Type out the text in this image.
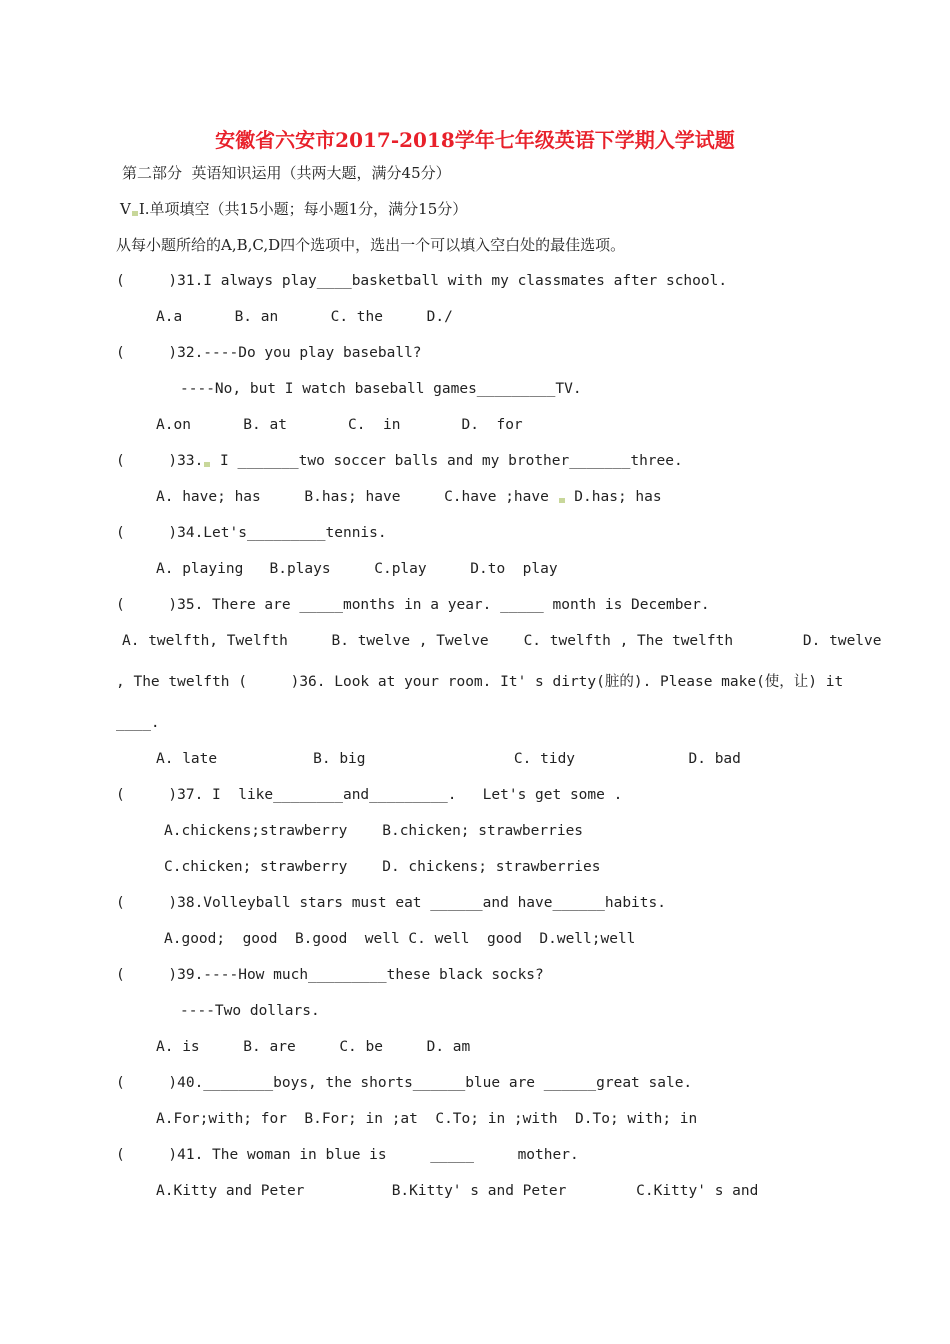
安徽省六安市2017-2018学年七年级英语下学期入学试题
第二部分  英语知识运用（共两大题，满分45分）
V I.单项填空（共15小题；每小题1分，满分15分）
从每小题所给的A,B,C,D四个选项中，选出一个可以填入空白处的最佳选项。
(     )31.I always play____basketball with my classmates after school.
A.a      B. an      C. the     D./
(     )32.----Do you play baseball?
----No, but I watch baseball games_________TV.
A.on      B. at       C.  in       D.  for
(     )33. I _______two soccer balls and my brother_______three.
A. have; has     B.has; have     C.have ;have  D.has; has
(     )34.Let's_________tennis.
A. playing   B.plays     C.play     D.to  play
(     )35. There are _____months in a year. _____ month is December.
A. twelfth, Twelfth     B. twelve , Twelve    C. twelfth , The twelfth        D. twelve
, The twelfth (     )36. Look at your room. It' s dirty(脏的). Please make(使，让) it
____.
A. late           B. big                 C. tidy             D. bad
(     )37. I  like________and_________.   Let's get some .
A.chickens;strawberry    B.chicken; strawberries
C.chicken; strawberry    D. chickens; strawberries
(     )38.Volleyball stars must eat ______and have______habits.
A.good;  good  B.good  well C. well  good  D.well;well
(     )39.----How much_________these black socks?
----Two dollars.
A. is     B. are     C. be     D. am
(     )40.________boys, the shorts______blue are ______great sale.
A.For;with; for  B.For; in ;at  C.To; in ;with  D.To; with; in
(     )41. The woman in blue is     _____     mother.
A.Kitty and Peter          B.Kitty' s and Peter        C.Kitty' s and
